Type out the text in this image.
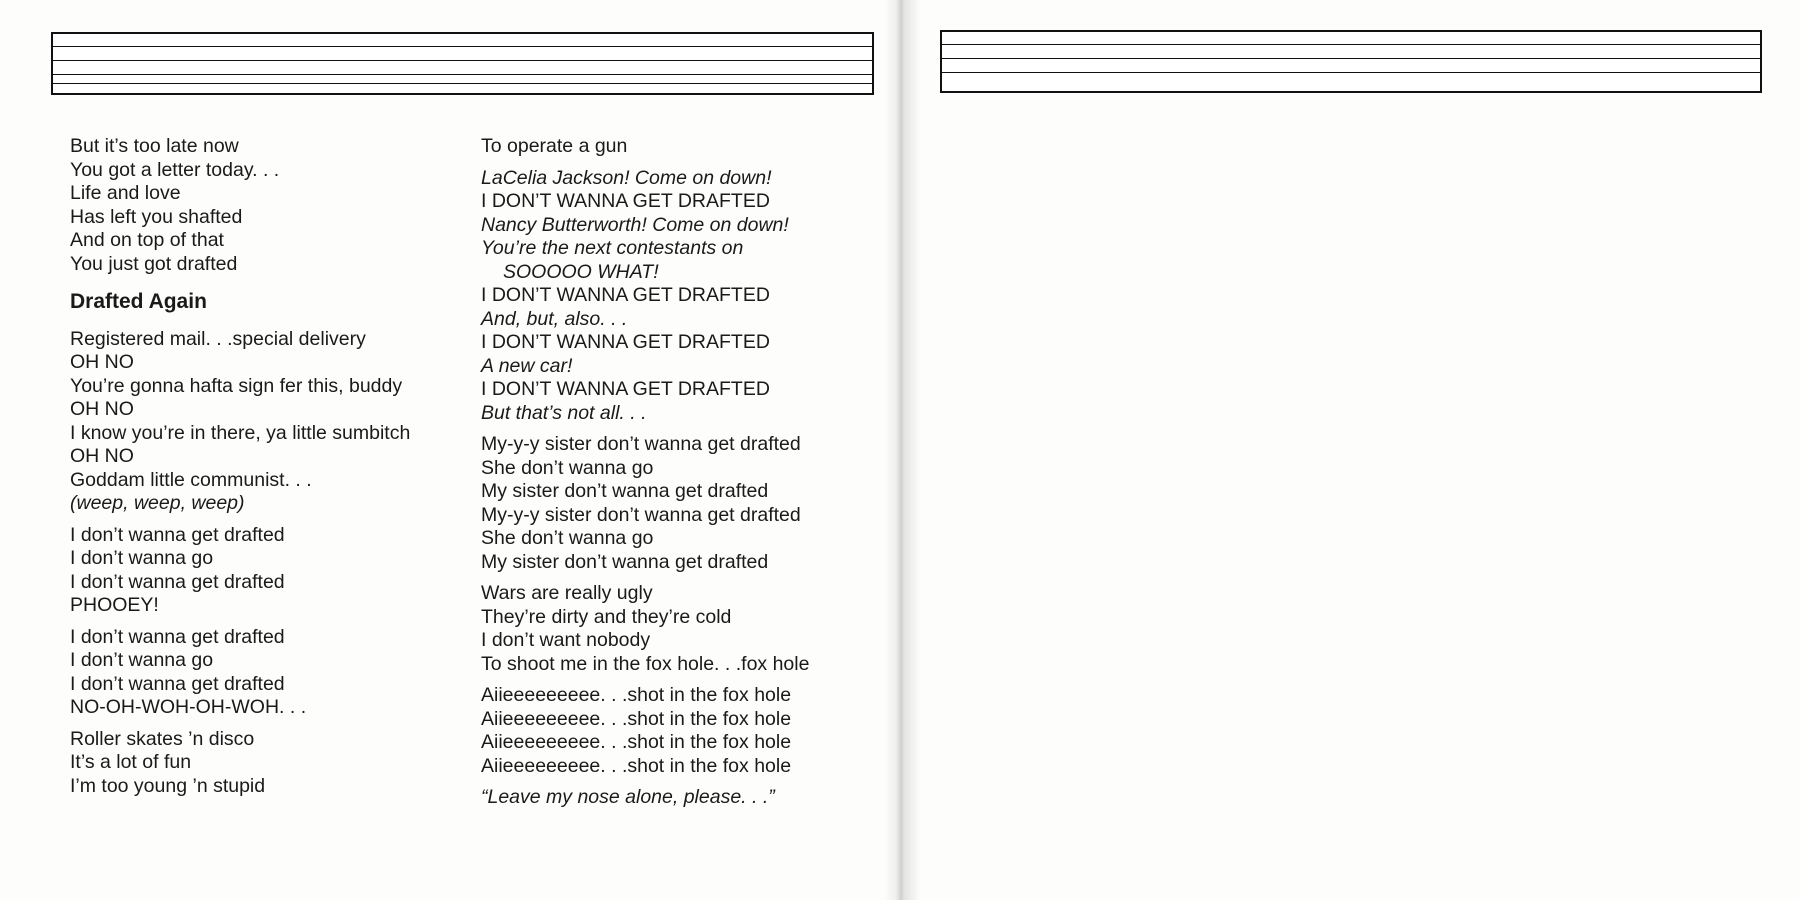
But it’s too late now
You got a letter today. . .
Life and love
Has left you shafted
And on top of that
You just got drafted
Drafted Again
Registered mail. . .special delivery
OH NO
You’re gonna hafta sign fer this, buddy
OH NO
I know you’re in there, ya little sumbitch
OH NO
Goddam little communist. . .
(weep, weep, weep)
I don’t wanna get drafted
I don’t wanna go
I don’t wanna get drafted
PHOOEY!
I don’t wanna get drafted
I don’t wanna go
I don’t wanna get drafted
NO-OH-WOH-OH-WOH. . .
Roller skates ’n disco
It’s a lot of fun
I’m too young ’n stupid
To operate a gun
LaCelia Jackson! Come on down!
I DON’T WANNA GET DRAFTED
Nancy Butterworth! Come on down!
You’re the next contestants on
SOOOOO WHAT!
I DON’T WANNA GET DRAFTED
And, but, also. . .
I DON’T WANNA GET DRAFTED
A new car!
I DON’T WANNA GET DRAFTED
But that’s not all. . .
My-y-y sister don’t wanna get drafted
She don’t wanna go
My sister don’t wanna get drafted
My-y-y sister don’t wanna get drafted
She don’t wanna go
My sister don’t wanna get drafted
Wars are really ugly
They’re dirty and they’re cold
I don’t want nobody
To shoot me in the fox hole. . .fox hole
Aiieeeeeeeee. . .shot in the fox hole
Aiieeeeeeeee. . .shot in the fox hole
Aiieeeeeeeee. . .shot in the fox hole
Aiieeeeeeeee. . .shot in the fox hole
“Leave my nose alone, please. . .”
